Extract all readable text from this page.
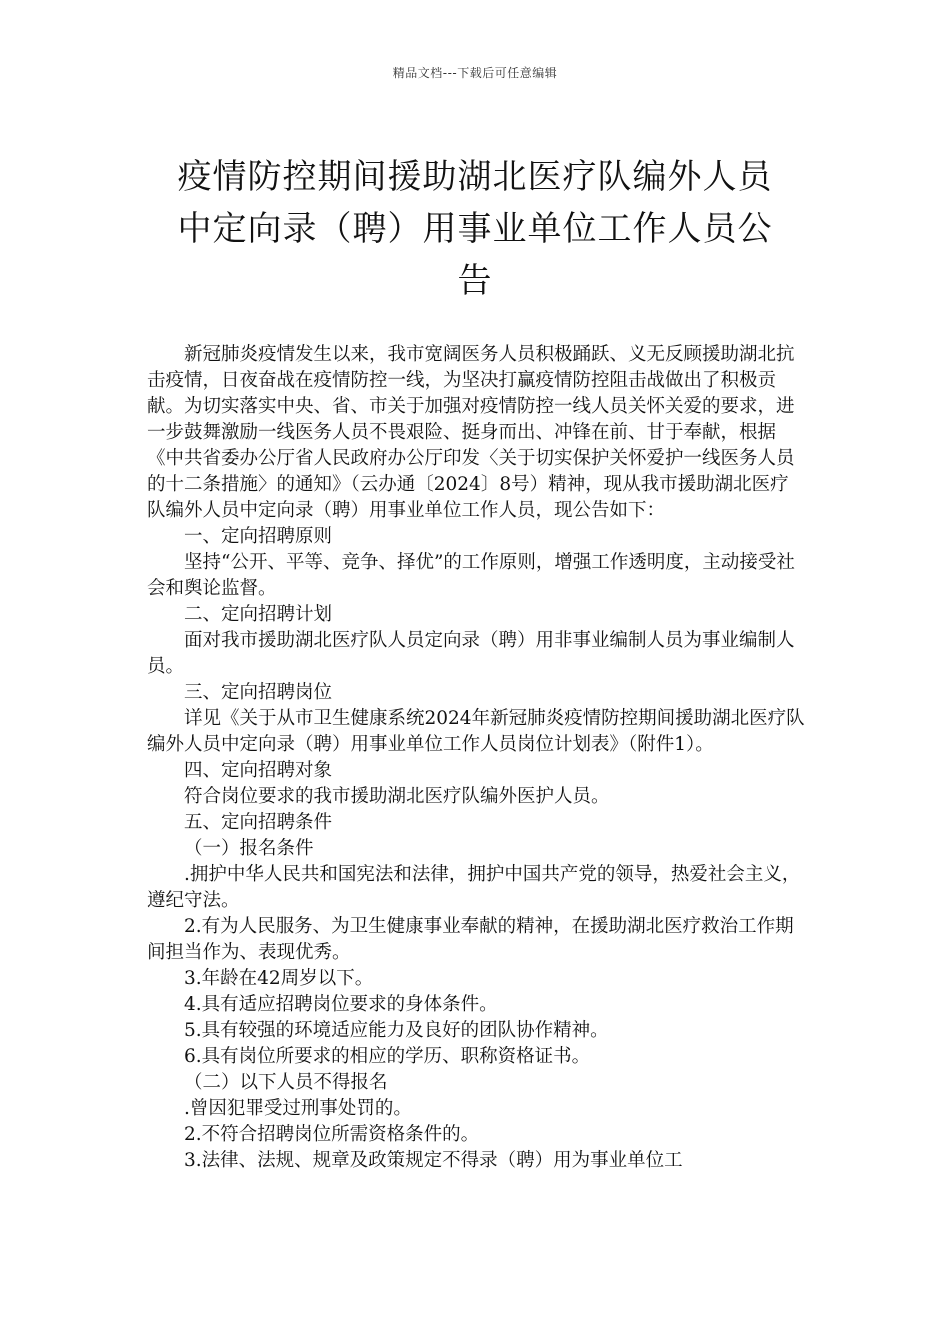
精品文档---下载后可任意编辑
疫情防控期间援助湖北医疗队编外人员
中定向录（聘）用事业单位工作人员公
告

新冠肺炎疫情发生以来，我市宽阔医务人员积极踊跃、义无反顾援助湖北抗击疫情，日夜奋战在疫情防控一线，为坚决打赢疫情防控阻击战做出了积极贡献。为切实落实中央、省、市关于加强对疫情防控一线人员关怀关爱的要求，进一步鼓舞激励一线医务人员不畏艰险、挺身而出、冲锋在前、甘于奉献，根据《中共省委办公厅省人民政府办公厅印发〈关于切实保护关怀爱护一线医务人员的十二条措施〉的通知》（云办通〔2024〕8号）精神，现从我市援助湖北医疗队编外人员中定向录（聘）用事业单位工作人员，现公告如下：

一、定向招聘原则

坚持“公开、平等、竞争、择优”的工作原则，增强工作透明度，主动接受社会和舆论监督。

二、定向招聘计划

面对我市援助湖北医疗队人员定向录（聘）用非事业编制人员为事业编制人员。

三、定向招聘岗位

详见《关于从市卫生健康系统2024年新冠肺炎疫情防控期间援助湖北医疗队编外人员中定向录（聘）用事业单位工作人员岗位计划表》（附件1）。

四、定向招聘对象

符合岗位要求的我市援助湖北医疗队编外医护人员。

五、定向招聘条件

（一）报名条件

.拥护中华人民共和国宪法和法律，拥护中国共产党的领导，热爱社会主义，遵纪守法。

2.有为人民服务、为卫生健康事业奉献的精神，在援助湖北医疗救治工作期间担当作为、表现优秀。

3.年龄在42周岁以下。

4.具有适应招聘岗位要求的身体条件。

5.具有较强的环境适应能力及良好的团队协作精神。

6.具有岗位所要求的相应的学历、职称资格证书。

（二）以下人员不得报名

.曾因犯罪受过刑事处罚的。

2.不符合招聘岗位所需资格条件的。

3.法律、法规、规章及政策规定不得录（聘）用为事业单位工
